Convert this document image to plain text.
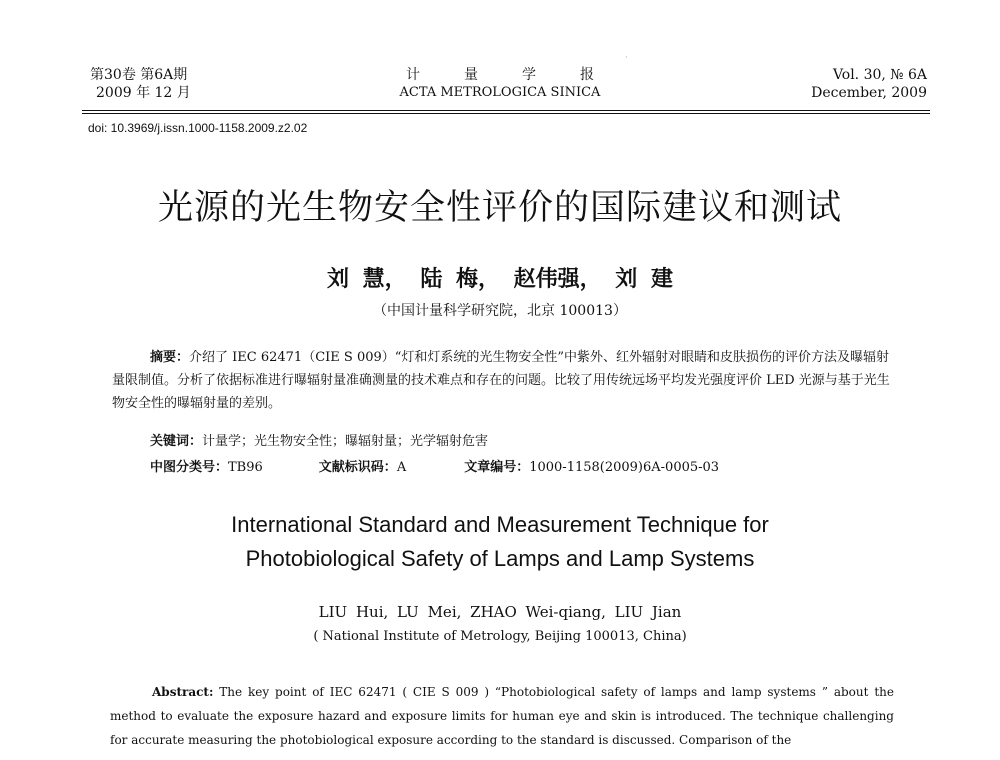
第30卷 第6A期
2009 年 12 月
计量学报
ACTA METROLOGICA SINICA
Vol. 30, № 6A
December, 2009
·
doi: 10.3969/j.issn.1000-1158.2009.z2.02
光源的光生物安全性评价的国际建议和测试
刘 慧， 陆 梅， 赵伟强， 刘 建
（中国计量科学研究院，北京 100013）
摘要：介绍了 IEC 62471（CIE S 009）“灯和灯系统的光生物安全性”中紫外、红外辐射对眼睛和皮肤损伤的评价方法及曝辐射量限制值。分析了依据标准进行曝辐射量准确测量的技术难点和存在的问题。比较了用传统远场平均发光强度评价 LED 光源与基于光生物安全性的曝辐射量的差别。
关键词：计量学；光生物安全性；曝辐射量；光学辐射危害
中图分类号：TB96	文献标识码：A	文章编号：1000-1158(2009)6A-0005-03
International Standard and Measurement Technique for
Photobiological Safety of Lamps and Lamp Systems
LIU Hui, LU Mei, ZHAO Wei-qiang, LIU Jian
( National Institute of Metrology, Beijing 100013, China)
Abstract: The key point of IEC 62471 ( CIE S 009 ) “Photobiological safety of lamps and lamp systems ” about the method to evaluate the exposure hazard and exposure limits for human eye and skin is introduced. The technique challenging for accurate measuring the photobiological exposure according to the standard is discussed. Comparison of the
